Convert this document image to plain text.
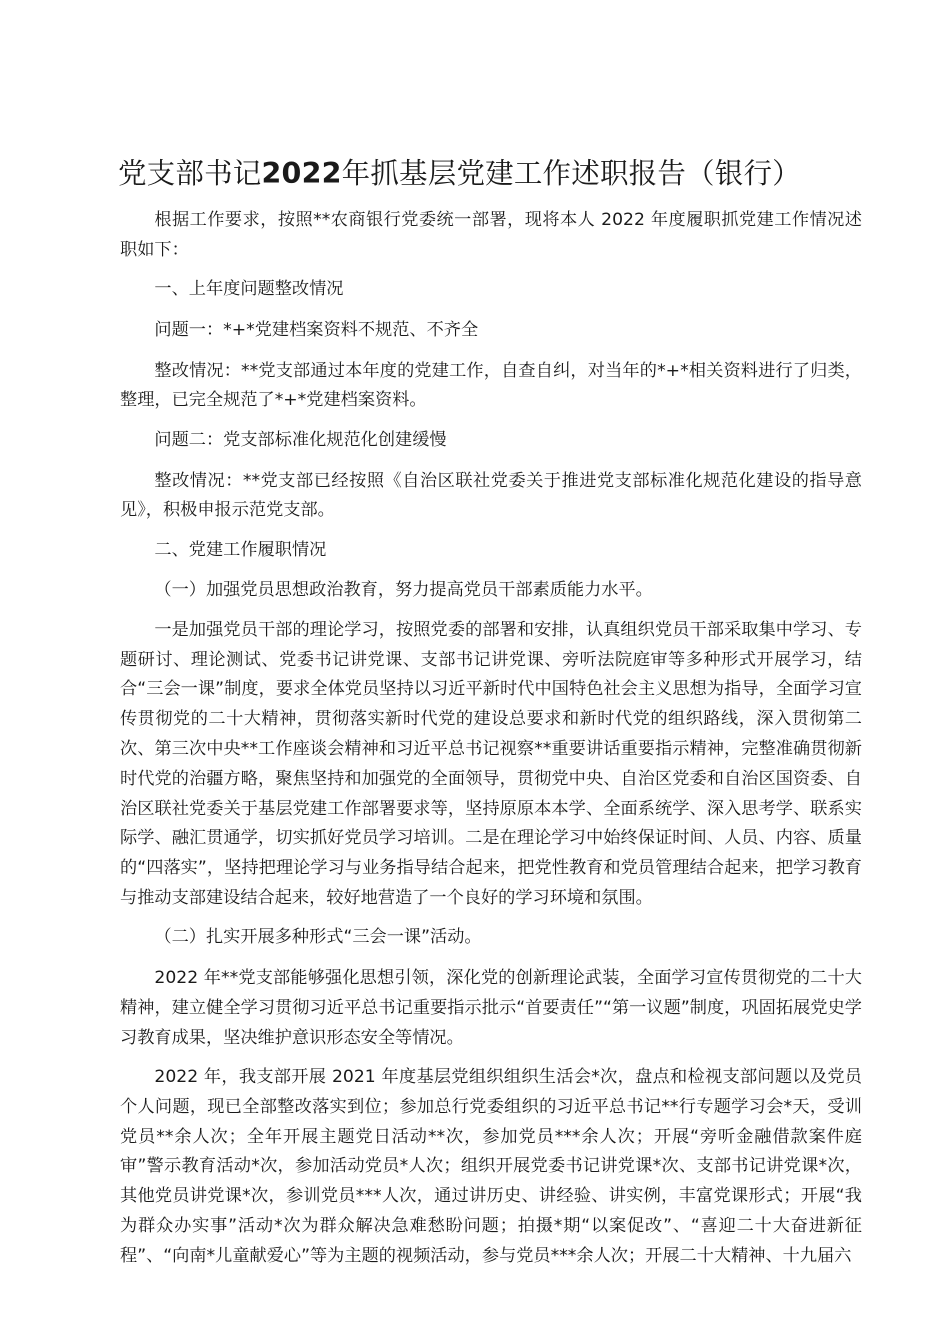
党支部书记2022年抓基层党建工作述职报告（银行）

根据工作要求，按照**农商银行党委统一部署，现将本人 2022 年度履职抓党建工作情况述职如下：

一、上年度问题整改情况

问题一：*+*党建档案资料不规范、不齐全

整改情况：**党支部通过本年度的党建工作，自查自纠，对当年的*+*相关资料进行了归类，整理，已完全规范了*+*党建档案资料。

问题二：党支部标准化规范化创建缓慢

整改情况：**党支部已经按照《自治区联社党委关于推进党支部标准化规范化建设的指导意见》，积极申报示范党支部。

二、党建工作履职情况

（一）加强党员思想政治教育，努力提高党员干部素质能力水平。

一是加强党员干部的理论学习，按照党委的部署和安排，认真组织党员干部采取集中学习、专题研讨、理论测试、党委书记讲党课、支部书记讲党课、旁听法院庭审等多种形式开展学习，结合“三会一课”制度，要求全体党员坚持以习近平新时代中国特色社会主义思想为指导，全面学习宣传贯彻党的二十大精神，贯彻落实新时代党的建设总要求和新时代党的组织路线，深入贯彻第二次、第三次中央**工作座谈会精神和习近平总书记视察**重要讲话重要指示精神，完整准确贯彻新时代党的治疆方略，聚焦坚持和加强党的全面领导，贯彻党中央、自治区党委和自治区国资委、自治区联社党委关于基层党建工作部署要求等，坚持原原本本学、全面系统学、深入思考学、联系实际学、融汇贯通学，切实抓好党员学习培训。二是在理论学习中始终保证时间、人员、内容、质量的“四落实”，坚持把理论学习与业务指导结合起来，把党性教育和党员管理结合起来，把学习教育与推动支部建设结合起来，较好地营造了一个良好的学习环境和氛围。

（二）扎实开展多种形式“三会一课”活动。

2022 年**党支部能够强化思想引领，深化党的创新理论武装，全面学习宣传贯彻党的二十大精神，建立健全学习贯彻习近平总书记重要指示批示“首要责任”“第一议题”制度，巩固拓展党史学习教育成果，坚决维护意识形态安全等情况。

2022 年，我支部开展 2021 年度基层党组织组织生活会*次，盘点和检视支部问题以及党员个人问题，现已全部整改落实到位；参加总行党委组织的习近平总书记**行专题学习会*天，受训党员**余人次；全年开展主题党日活动**次，参加党员***余人次；开展“旁听金融借款案件庭审”警示教育活动*次，参加活动党员*人次；组织开展党委书记讲党课*次、支部书记讲党课*次，其他党员讲党课*次，参训党员***人次，通过讲历史、讲经验、讲实例，丰富党课形式；开展“我为群众办实事”活动*次为群众解决急难愁盼问题；拍摄*期“以案促改”、“喜迎二十大奋进新征程”、“向南*儿童献爱心”等为主题的视频活动，参与党员***余人次；开展二十大精神、十九届六
